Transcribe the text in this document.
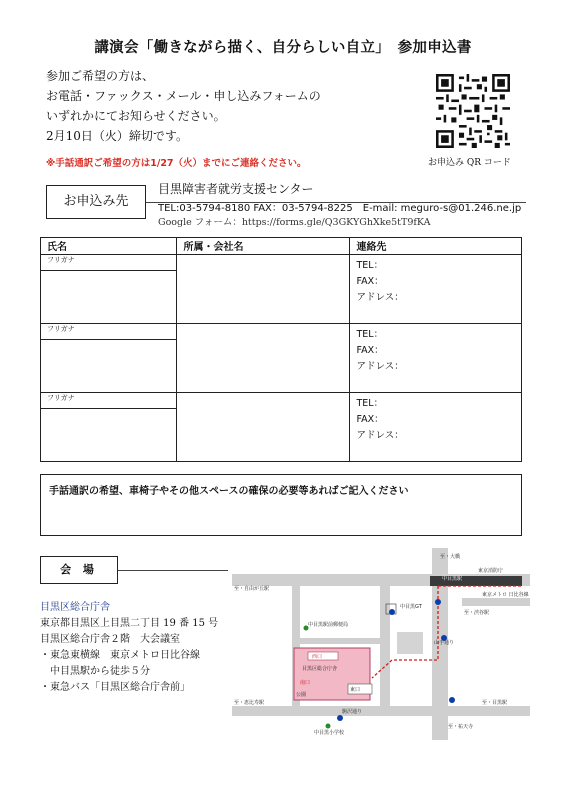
講演会「働きながら描く、自分らしい自立」　参加申込書
参加ご希望の方は、
お電話・ファックス・メール・申し込みフォームの
いずれかにてお知らせください。
2月10日（火）締切です。
※手話通訳ご希望の方は1/27（火）までにご連絡ください。	お申込み QR コード
お申込み先
目黒障害者就労支援センター
TEL:03-5794-8180 FAX：03-5794-8225　E-mail: meguro-s@01.246.ne.jp
Google フォーム：https://forms.gle/Q3GKYGhXke5tT9fKA
氏名	所属・会社名	連絡先
フリガナ		TEL：
FAX：
アドレス：

フリガナ		TEL：
FAX：
アドレス：

フリガナ		TEL：
FAX：
アドレス：

手話通訳の希望、車椅子やその他スペースの確保の必要等あればご記入ください
会 場
目黒区総合庁舎
東京都目黒区上目黒二丁目 19 番 15 号
目黒区総合庁舎２階　大会議室
・東急東横線　東京メトロ日比谷線
　中目黒駅から徒歩５分
・東急バス「目黒区総合庁舎前」
至・大橋
東京消防庁
至・自由が丘駅
至・恵比寿駅
至・渋谷駅
至・祐天寺
至・目黒駅
中目黒駅
中目黒GT
東京メトロ 日比谷線
中目黒駅前郵便局
目黒区総合庁舎
西口
南口
東口
公園
中目黒小学校
駒沢通り
山手通り
